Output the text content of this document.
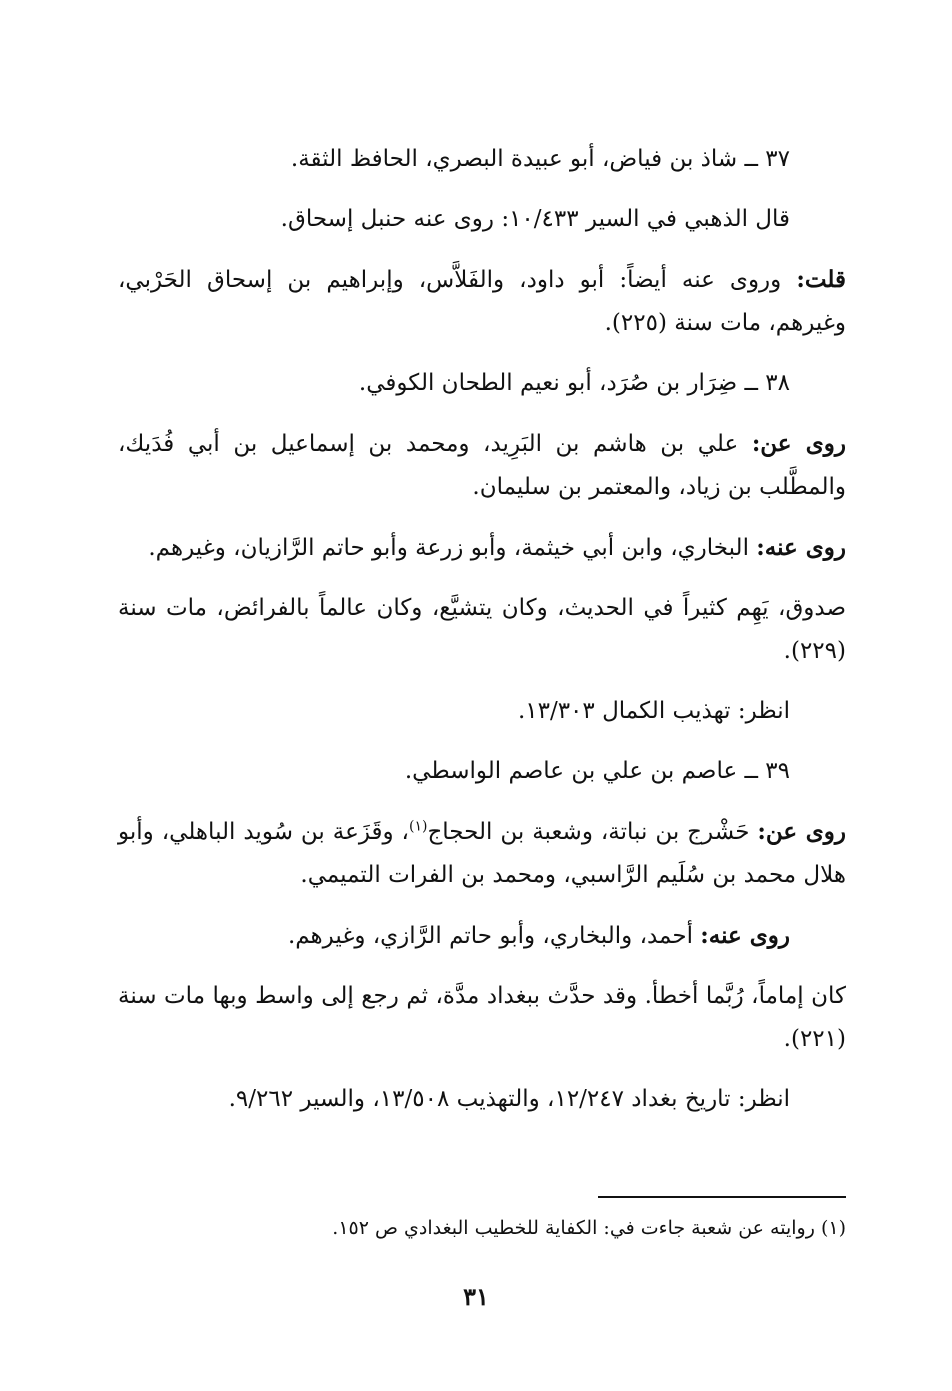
٣٧ ــ شاذ بن فياض، أبو عبيدة البصري، الحافظ الثقة.

قال الذهبي في السير ١٠/٤٣٣: روى عنه حنبل إسحاق.

قلت: وروى عنه أيضاً: أبو داود، والفَلاَّس، وإبراهيم بن إسحاق الحَرْبي، وغيرهم، مات سنة (٢٢٥).

٣٨ ــ ضِرَار بن صُرَد، أبو نعيم الطحان الكوفي.

روى عن: علي بن هاشم بن البَرِيد، ومحمد بن إسماعيل بن أبي فُدَيك، والمطَّلب بن زياد، والمعتمر بن سليمان.

روى عنه: البخاري، وابن أبي خيثمة، وأبو زرعة وأبو حاتم الرَّازيان، وغيرهم.

صدوق، يَهِم كثيراً في الحديث، وكان يتشيَّع، وكان عالماً بالفرائض، مات سنة (٢٢٩).

انظر: تهذيب الكمال ١٣/٣٠٣.

٣٩ ــ عاصم بن علي بن عاصم الواسطي.

روى عن: حَشْرج بن نباتة، وشعبة بن الحجاج$^{(١)}$، وقَزَعة بن سُويد الباهلي، وأبو هلال محمد بن سُلَيم الرَّاسبي، ومحمد بن الفرات التميمي.

روى عنه: أحمد، والبخاري، وأبو حاتم الرَّازي، وغيرهم.

كان إماماً، رُبَّما أخطأ. وقد حدَّث ببغداد مدَّة، ثم رجع إلى واسط وبها مات سنة (٢٢١).

انظر: تاريخ بغداد ١٢/٢٤٧، والتهذيب ١٣/٥٠٨، والسير ٩/٢٦٢.

(١) روايته عن شعبة جاءت في: الكفاية للخطيب البغدادي ص ١٥٢.
٣١
